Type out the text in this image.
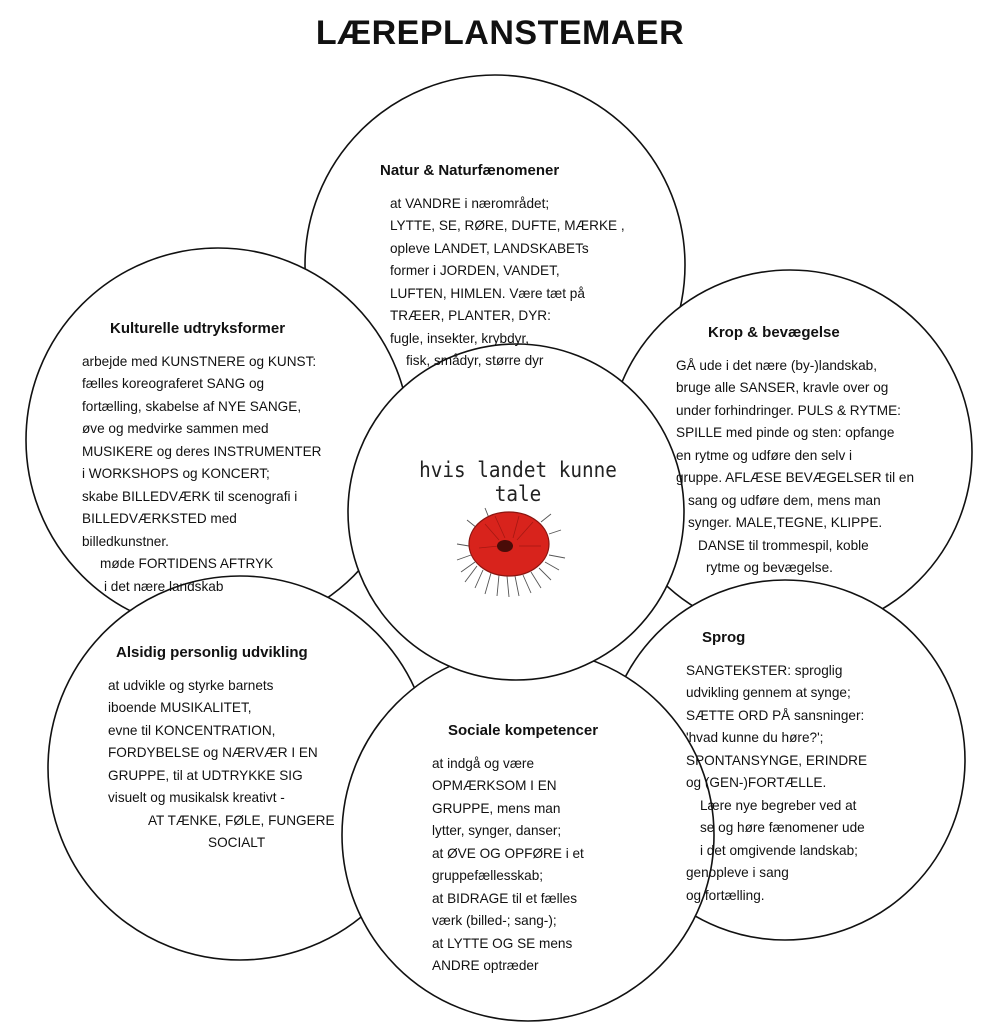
LÆREPLANSTEMAER
Natur & Naturfænomener
at VANDRE i nærområdet;
LYTTE, SE, RØRE, DUFTE, MÆRKE ,
opleve LANDET, LANDSKABETs
former i JORDEN, VANDET,
LUFTEN, HIMLEN. Være tæt på
TRÆER, PLANTER, DYR:
fugle, insekter, krybdyr,
fisk, smådyr, større dyr
Kulturelle udtryksformer
arbejde med KUNSTNERE og KUNST:
fælles koreograferet SANG og
fortælling, skabelse af NYE SANGE,
øve og medvirke sammen med
MUSIKERE og deres INSTRUMENTER
i WORKSHOPS og KONCERT;
skabe BILLEDVÆRK til scenografi i
BILLEDVÆRKSTED med
billedkunstner.
møde FORTIDENS AFTRYK
i det nære landskab
Krop & bevægelse
GÅ ude i det nære (by-)landskab,
bruge alle SANSER, kravle over og
under forhindringer. PULS & RYTME:
SPILLE med pinde og sten: opfange
en rytme og udføre den selv i
gruppe. AFLÆSE BEVÆGELSER til en
sang og udføre dem, mens man
synger. MALE,TEGNE, KLIPPE.
DANSE til trommespil, koble
rytme og bevægelse.
Alsidig personlig udvikling
at udvikle og styrke barnets
iboende MUSIKALITET,
evne til KONCENTRATION,
FORDYBELSE og NÆRVÆR I EN
GRUPPE, til at UDTRYKKE SIG
visuelt og musikalsk kreativt -
AT TÆNKE, FØLE, FUNGERE
SOCIALT
Sociale kompetencer
at indgå og være
OPMÆRKSOM I EN
GRUPPE, mens man
lytter, synger, danser;
at ØVE OG OPFØRE i et
gruppefællesskab;
at BIDRAGE til et fælles
værk (billed-; sang-);
at LYTTE OG SE mens
ANDRE optræder
Sprog
SANGTEKSTER: sproglig
udvikling gennem at synge;
SÆTTE ORD PÅ sansninger:
'hvad kunne du høre?';
SPONTANSYNGE, ERINDRE
og (GEN-)FORTÆLLE.
Lære nye begreber ved at
se og høre fænomener ude
i det omgivende landskab;
genopleve i sang
og fortælling.
hvis landet kunne tale
